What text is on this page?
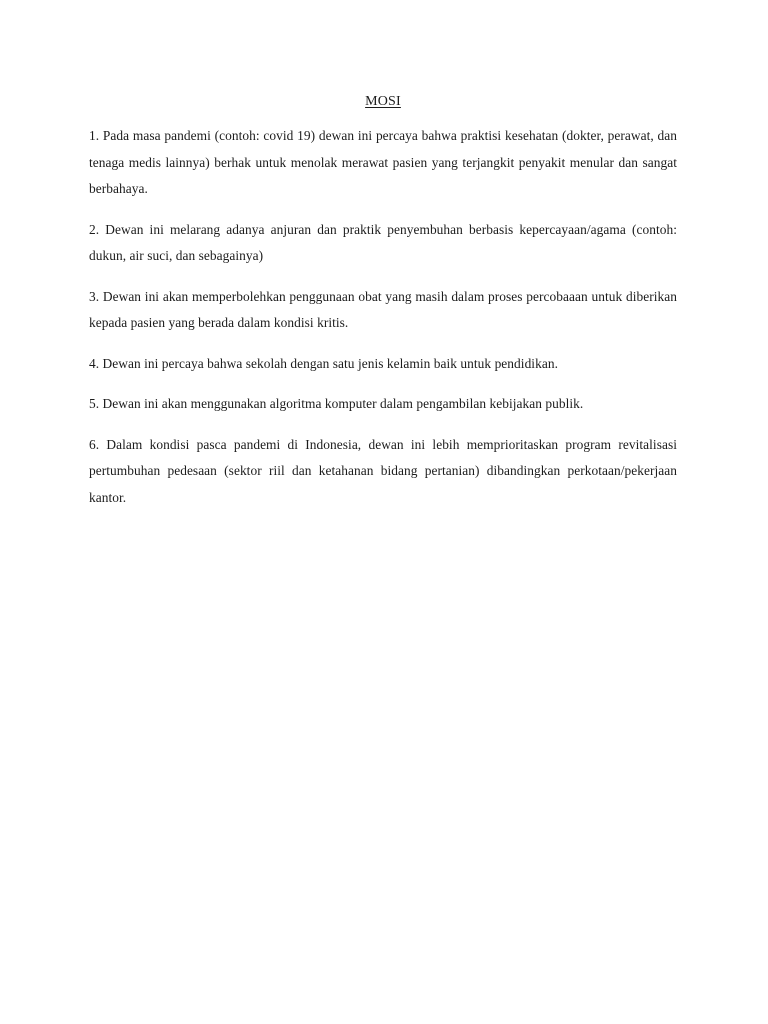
MOSI

1. Pada masa pandemi (contoh: covid 19) dewan ini percaya bahwa praktisi kesehatan (dokter, perawat, dan tenaga medis lainnya) berhak untuk menolak merawat pasien yang terjangkit penyakit menular dan sangat berbahaya.

2. Dewan ini melarang adanya anjuran dan praktik penyembuhan berbasis kepercayaan/agama (contoh: dukun, air suci, dan sebagainya)

3. Dewan ini akan memperbolehkan penggunaan obat yang masih dalam proses percobaaan untuk diberikan kepada pasien yang berada dalam kondisi kritis.

4. Dewan ini percaya bahwa sekolah dengan satu jenis kelamin baik untuk pendidikan.

5. Dewan ini akan menggunakan algoritma komputer dalam pengambilan kebijakan publik.

6. Dalam kondisi pasca pandemi di Indonesia, dewan ini lebih memprioritaskan program revitalisasi pertumbuhan pedesaan (sektor riil dan ketahanan bidang pertanian) dibandingkan perkotaan/pekerjaan kantor.
